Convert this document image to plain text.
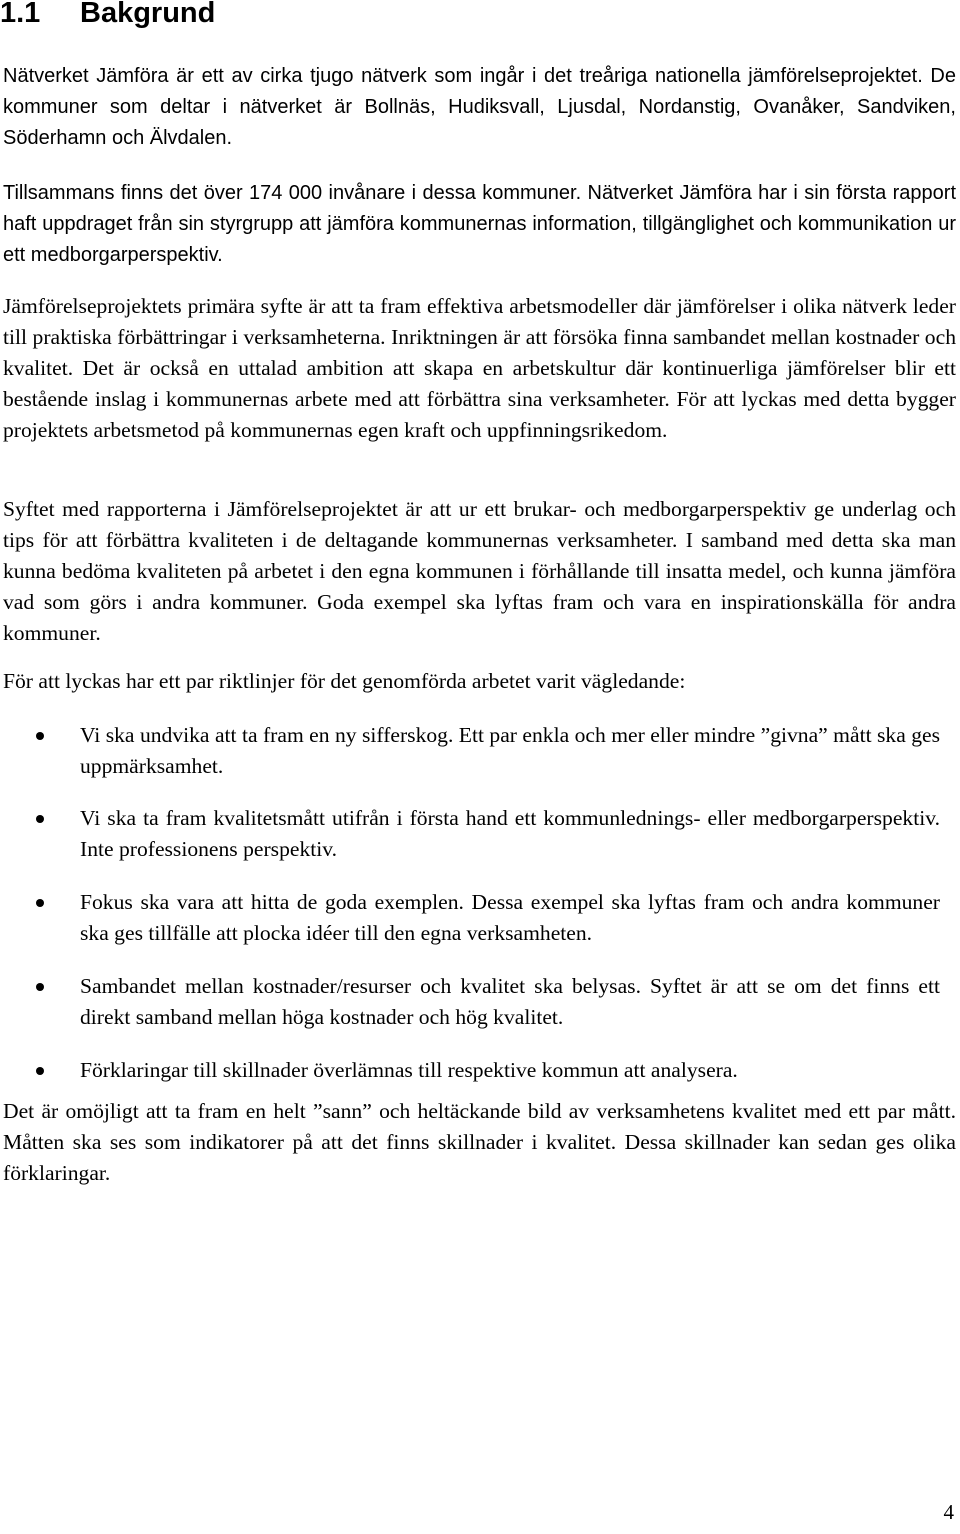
1.1 Bakgrund

Nätverket Jämföra är ett av cirka tjugo nätverk som ingår i det treåriga nationella jämförelseprojektet. De kommuner som deltar i nätverket är Bollnäs, Hudiksvall, Ljusdal, Nordanstig, Ovanåker, Sandviken, Söderhamn och Älvdalen.

Tillsammans finns det över 174 000 invånare i dessa kommuner. Nätverket Jämföra har i sin första rapport haft uppdraget från sin styrgrupp att jämföra kommunernas information, tillgänglighet och kommunikation ur ett medborgarperspektiv.

Jämförelseprojektets primära syfte är att ta fram effektiva arbetsmodeller där jämförelser i olika nätverk leder till praktiska förbättringar i verksamheterna. Inriktningen är att försöka finna sambandet mellan kostnader och kvalitet. Det är också en uttalad ambition att skapa en arbetskultur där kontinuerliga jämförelser blir ett bestående inslag i kommunernas arbete med att förbättra sina verksamheter. För att lyckas med detta bygger projektets arbetsmetod på kommunernas egen kraft och uppfinningsrikedom.

Syftet med rapporterna i Jämförelseprojektet är att ur ett brukar- och medborgarperspektiv ge underlag och tips för att förbättra kvaliteten i de deltagande kommunernas verksamheter. I samband med detta ska man kunna bedöma kvaliteten på arbetet i den egna kommunen i förhållande till insatta medel, och kunna jämföra vad som görs i andra kommuner. Goda exempel ska lyftas fram och vara en inspirationskälla för andra kommuner.

För att lyckas har ett par riktlinjer för det genomförda arbetet varit vägledande:

Vi ska undvika att ta fram en ny sifferskog. Ett par enkla och mer eller mindre ”givna” mått ska ges uppmärksamhet.

Vi ska ta fram kvalitetsmått utifrån i första hand ett kommunlednings- eller medborgarperspektiv. Inte professionens perspektiv.

Fokus ska vara att hitta de goda exemplen. Dessa exempel ska lyftas fram och andra kommuner ska ges tillfälle att plocka idéer till den egna verksamheten.

Sambandet mellan kostnader/resurser och kvalitet ska belysas. Syftet är att se om det finns ett direkt samband mellan höga kostnader och hög kvalitet.

Förklaringar till skillnader överlämnas till respektive kommun att analysera.

Det är omöjligt att ta fram en helt ”sann” och heltäckande bild av verksamhetens kvalitet med ett par mått. Måtten ska ses som indikatorer på att det finns skillnader i kvalitet. Dessa skillnader kan sedan ges olika förklaringar.

4
